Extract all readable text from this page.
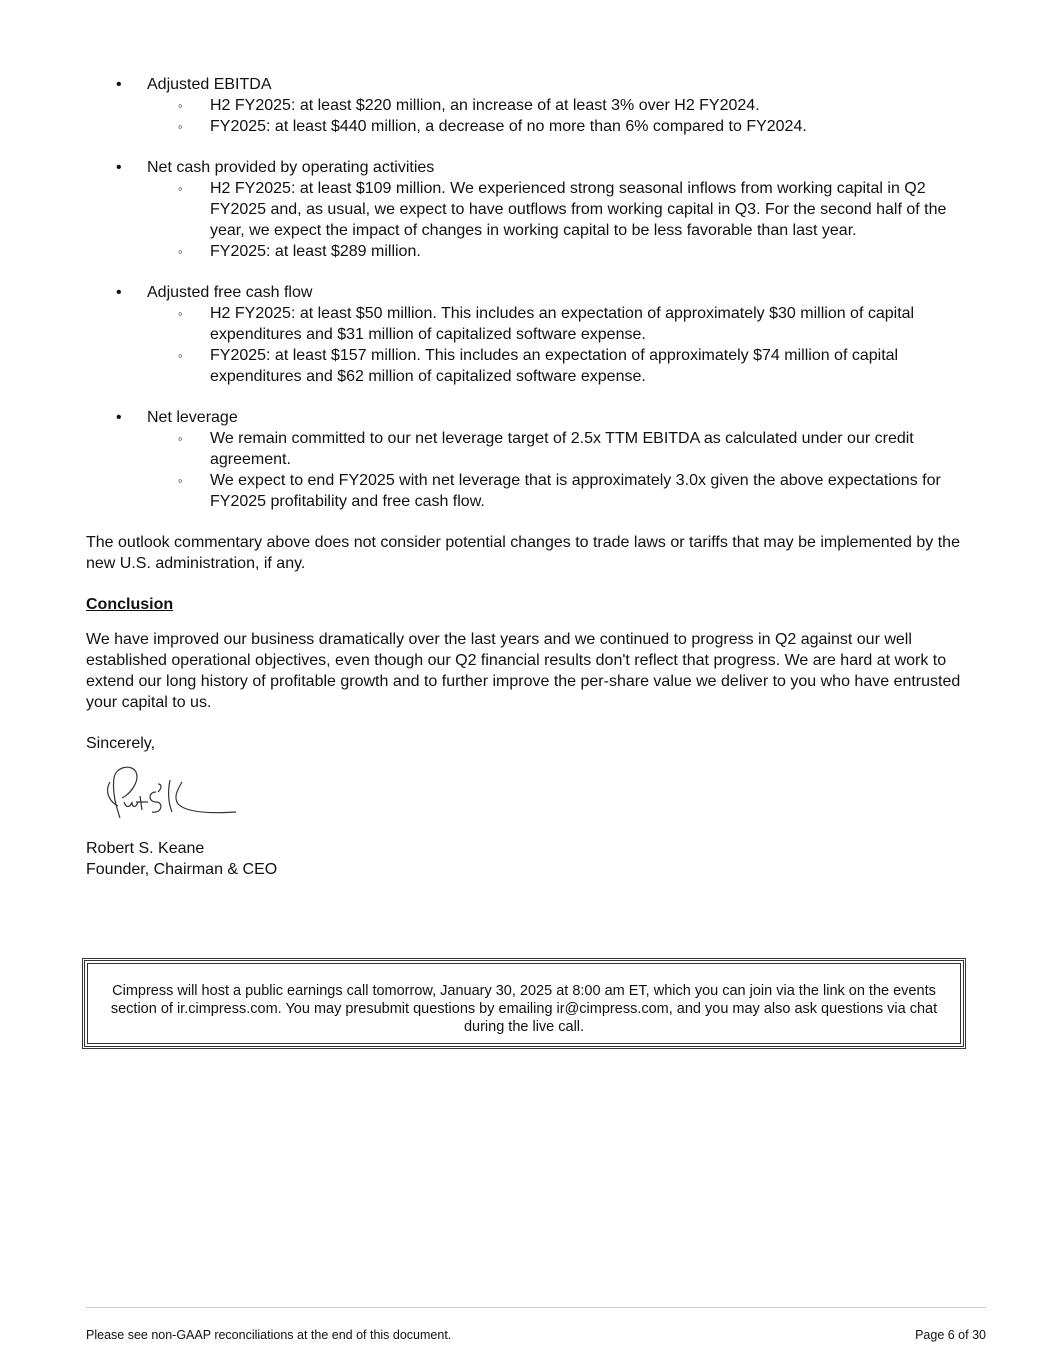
• Adjusted EBITDA
◦ H2 FY2025: at least $220 million, an increase of at least 3% over H2 FY2024.
◦ FY2025: at least $440 million, a decrease of no more than 6% compared to FY2024.
• Net cash provided by operating activities
◦ H2 FY2025: at least $109 million. We experienced strong seasonal inflows from working capital in Q2 FY2025 and, as usual, we expect to have outflows from working capital in Q3. For the second half of the year, we expect the impact of changes in working capital to be less favorable than last year.
◦ FY2025: at least $289 million.
• Adjusted free cash flow
◦ H2 FY2025: at least $50 million. This includes an expectation of approximately $30 million of capital expenditures and $31 million of capitalized software expense.
◦ FY2025: at least $157 million. This includes an expectation of approximately $74 million of capital expenditures and $62 million of capitalized software expense.
• Net leverage
◦ We remain committed to our net leverage target of 2.5x TTM EBITDA as calculated under our credit agreement.
◦ We expect to end FY2025 with net leverage that is approximately 3.0x given the above expectations for FY2025 profitability and free cash flow.

The outlook commentary above does not consider potential changes to trade laws or tariffs that may be implemented by the new U.S. administration, if any.

Conclusion

We have improved our business dramatically over the last years and we continued to progress in Q2 against our well established operational objectives, even though our Q2 financial results don't reflect that progress. We are hard at work to extend our long history of profitable growth and to further improve the per-share value we deliver to you who have entrusted your capital to us.

Sincerely,

Robert S. Keane

Founder, Chairman & CEO

Cimpress will host a public earnings call tomorrow, January 30, 2025 at 8:00 am ET, which you can join via the link on the events section of ir.cimpress.com. You may presubmit questions by emailing ir@cimpress.com, and you may also ask questions via chat during the live call.
Please see non-GAAP reconciliations at the end of this document.	Page 6 of 30
